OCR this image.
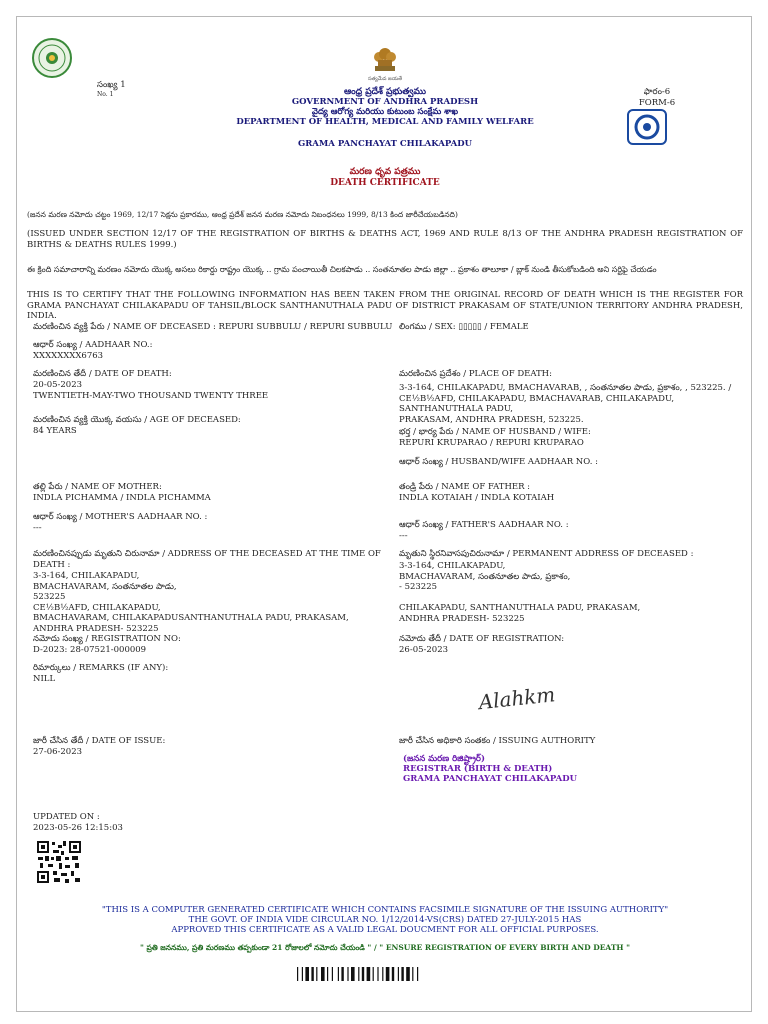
సంఖ్య 1
No. 1
సత్యమేవ జయతే
ఆంధ్ర ప్రదేశ్ ప్రభుత్వము
GOVERNMENT OF ANDHRA PRADESH
వైద్య ఆరోగ్య మరియు కుటుంబ సంక్షేమ శాఖ
DEPARTMENT OF HEALTH, MEDICAL AND FAMILY WELFARE
GRAMA PANCHAYAT CHILAKAPADU
ఫారం-6
FORM-6
మరణ ధృవ పత్రము
DEATH CERTIFICATE
(జనన మరణ నమోదు చట్టం 1969, 12/17 సెక్షను ప్రకారము, ఆంధ్ర ప్రదేశ్ జనన మరణ నమోదు నిబంధనలు 1999, 8/13 కింద జారీచేయబడినది)
(ISSUED UNDER SECTION 12/17 OF THE REGISTRATION OF BIRTHS & DEATHS ACT, 1969 AND RULE 8/13 OF THE ANDHRA PRADESH REGISTRATION OF BIRTHS & DEATHS RULES 1999.)
ఈ క్రింది సమాచారాన్ని మరణం నమోదు యొక్క అసలు రికార్డు రాష్ట్రం యొక్క .. గ్రామ పంచాయితీ చిలకపాడు .. సంతనూతల పాడు జిల్లా .. ప్రకాశం తాలూకా / బ్లాక్ నుండి తీసుకోబడింది అని సర్టిఫై చేయడం
THIS IS TO CERTIFY THAT THE FOLLOWING INFORMATION HAS BEEN TAKEN FROM THE ORIGINAL RECORD OF DEATH WHICH IS THE REGISTER FOR GRAMA PANCHAYAT CHILAKAPADU OF TAHSIL/BLOCK SANTHANUTHALA PADU OF DISTRICT PRAKASAM OF STATE/UNION TERRITORY ANDHRA PRADESH, INDIA.
మరణించిన వ్యక్తి పేరు / NAME OF DECEASED : REPURI SUBBULU / REPURI SUBBULU
ఆధార్ సంఖ్య / AADHAAR NO.:
XXXXXXXX6763
మరణించిన తేదీ / DATE OF DEATH:
20-05-2023
TWENTIETH-MAY-TWO THOUSAND TWENTY THREE
మరణించిన వ్యక్తి యొక్క వయసు / AGE OF DECEASED:
84 YEARS
తల్లి పేరు / NAME OF MOTHER:
INDLA PICHAMMA / INDLA PICHAMMA
ఆధార్ సంఖ్య / MOTHER'S AADHAAR NO. :
---
మరణించినప్పుడు మృతుని చిరునామా / ADDRESS OF THE DECEASED AT THE TIME OF
DEATH :
3-3-164, CHILAKAPADU,
BMACHAVARAM, సంతనూతల పాడు,
523225
CE½B½AFD, CHILAKAPADU,
BMACHAVARAM, CHILAKAPADUSANTHANUTHALA PADU, PRAKASAM,
ANDHRA PRADESH- 523225
నమోదు సంఖ్య / REGISTRATION NO:
D-2023: 28-07521-000009
రిమార్కులు / REMARKS (IF ANY):
NILL
జారీ చేసిన తేదీ / DATE OF ISSUE:
27-06-2023
UPDATED ON :
2023-05-26 12:15:03
లింగము / SEX: ▯▯▯▯▯ / FEMALE
మరణించిన ప్రదేశం / PLACE OF DEATH:
3-3-164, CHILAKAPADU, BMACHAVARAB, , సంతనూతల పాడు, ప్రకాశం, , 523225. /
CE½B½AFD, CHILAKAPADU, BMACHAVARAB, CHILAKAPADU, SANTHANUTHALA PADU,
PRAKASAM, ANDHRA PRADESH, 523225.
భర్త / భార్య పేరు / NAME OF HUSBAND / WIFE:
REPURI KRUPARAO / REPURI KRUPARAO
ఆధార్ సంఖ్య / HUSBAND/WIFE AADHAAR NO. :
తండ్రి పేరు / NAME OF FATHER :
INDLA KOTAIAH / INDLA KOTAIAH
ఆధార్ సంఖ్య / FATHER'S AADHAAR NO. :
---
మృతుని స్థిరనివాసపుచిరునామా / PERMANENT ADDRESS OF DECEASED :
3-3-164, CHILAKAPADU,
BMACHAVARAM, సంతనూతల పాడు, ప్రకాశం,
- 523225

CHILAKAPADU, SANTHANUTHALA PADU, PRAKASAM,
ANDHRA PRADESH- 523225
నమోదు తేదీ / DATE OF REGISTRATION:
26-05-2023
Alahkm
జారీ చేసిన అధికారి సంతకం / ISSUING AUTHORITY
(జనన మరణ రిజిష్ట్రార్)
REGISTRAR (BIRTH & DEATH)
GRAMA PANCHAYAT CHILAKAPADU
"THIS IS A COMPUTER GENERATED CERTIFICATE WHICH CONTAINS FACSIMILE SIGNATURE OF THE ISSUING AUTHORITY"
THE GOVT. OF INDIA VIDE CIRCULAR NO. 1/12/2014-VS(CRS) DATED 27-JULY-2015 HAS
APPROVED THIS CERTIFICATE AS A VALID LEGAL DOUCMENT FOR ALL OFFICIAL PURPOSES.
" ప్రతి జననము, ప్రతి మరణము తప్పకుండా 21 రోజులలో నమోదు చేయండి " / " ENSURE REGISTRATION OF EVERY BIRTH AND DEATH "
